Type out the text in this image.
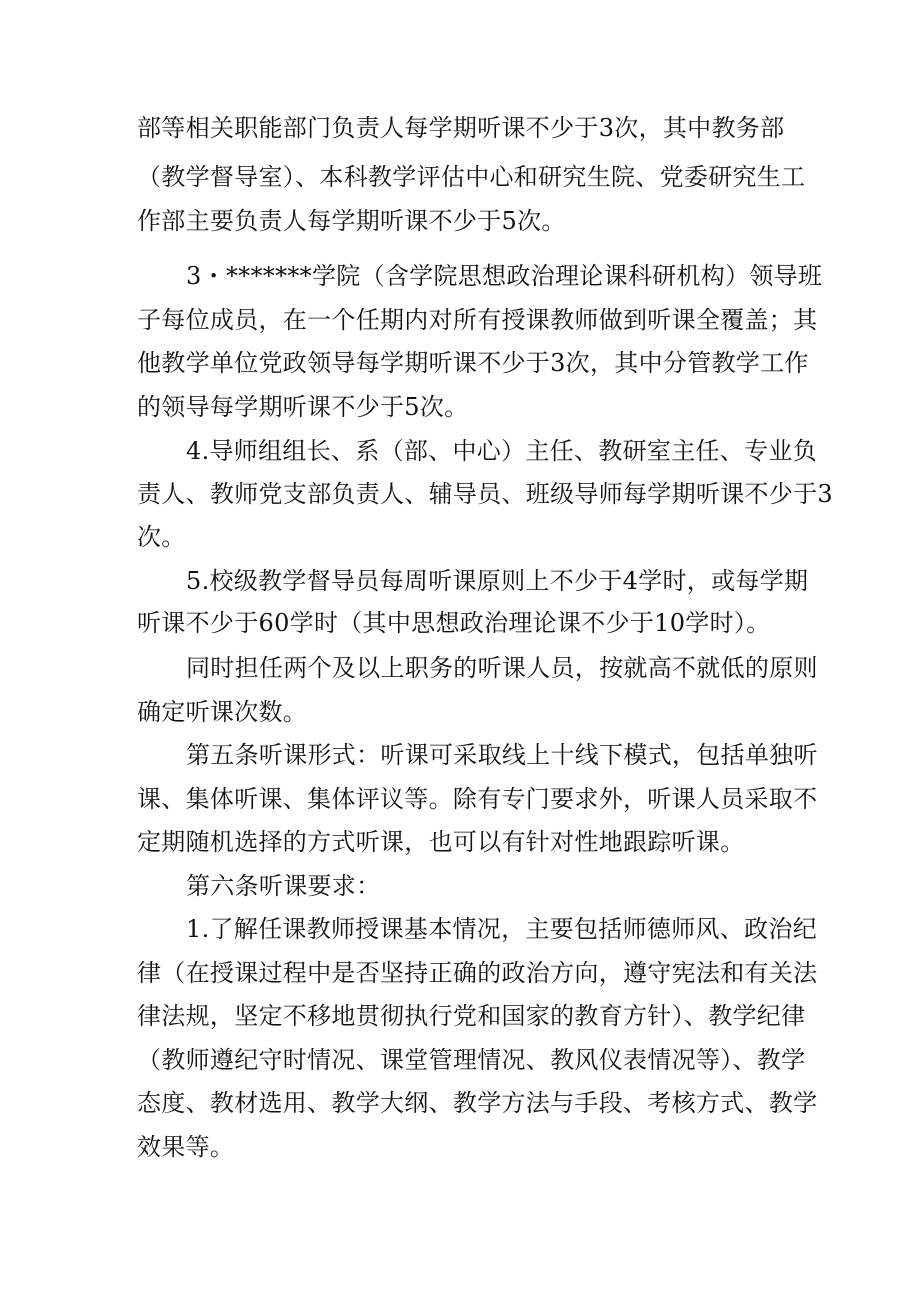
部等相关职能部门负责人每学期听课不少于3次，其中教务部
（教学督导室）、本科教学评估中心和研究生院、党委研究生工
作部主要负责人每学期听课不少于5次。
3・*******学院（含学院思想政治理论课科研机构）领导班
子每位成员，在一个任期内对所有授课教师做到听课全覆盖；其
他教学单位党政领导每学期听课不少于3次，其中分管教学工作
的领导每学期听课不少于5次。
4.导师组组长、系（部、中心）主任、教研室主任、专业负
责人、教师党支部负责人、辅导员、班级导师每学期听课不少于3
次。
5.校级教学督导员每周听课原则上不少于4学时，或每学期
听课不少于60学时（其中思想政治理论课不少于10学时）。
同时担任两个及以上职务的听课人员，按就高不就低的原则
确定听课次数。
第五条听课形式：听课可采取线上十线下模式，包括单独听
课、集体听课、集体评议等。除有专门要求外，听课人员采取不
定期随机选择的方式听课，也可以有针对性地跟踪听课。
第六条听课要求：
1.了解任课教师授课基本情况，主要包括师德师风、政治纪
律（在授课过程中是否坚持正确的政治方向，遵守宪法和有关法
律法规，坚定不移地贯彻执行党和国家的教育方针）、教学纪律
（教师遵纪守时情况、课堂管理情况、教风仪表情况等）、教学
态度、教材选用、教学大纲、教学方法与手段、考核方式、教学
效果等。
